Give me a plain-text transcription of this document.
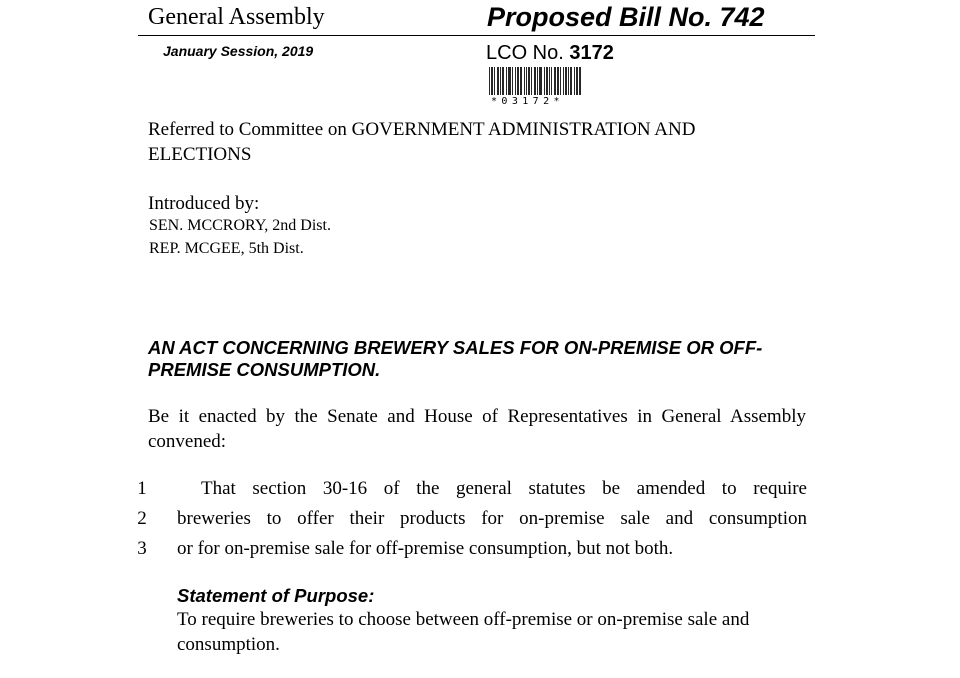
General Assembly	Proposed Bill No. 742
January Session, 2019	LCO No. 3172
*03172*
Referred to Committee on GOVERNMENT ADMINISTRATION AND ELECTIONS
Introduced by:
SEN. MCCRORY, 2nd Dist.
REP. MCGEE, 5th Dist.
AN ACT CONCERNING BREWERY SALES FOR ON-PREMISE OR OFF-PREMISE CONSUMPTION.
Be it enacted by the Senate and House of Representatives in General Assembly convened:
1	That section 30-16 of the general statutes be amended to require
2 breweries to offer their products for on-premise sale and consumption
3 or for on-premise sale for off-premise consumption, but not both.
Statement of Purpose:
To require breweries to choose between off-premise or on-premise sale and consumption.
